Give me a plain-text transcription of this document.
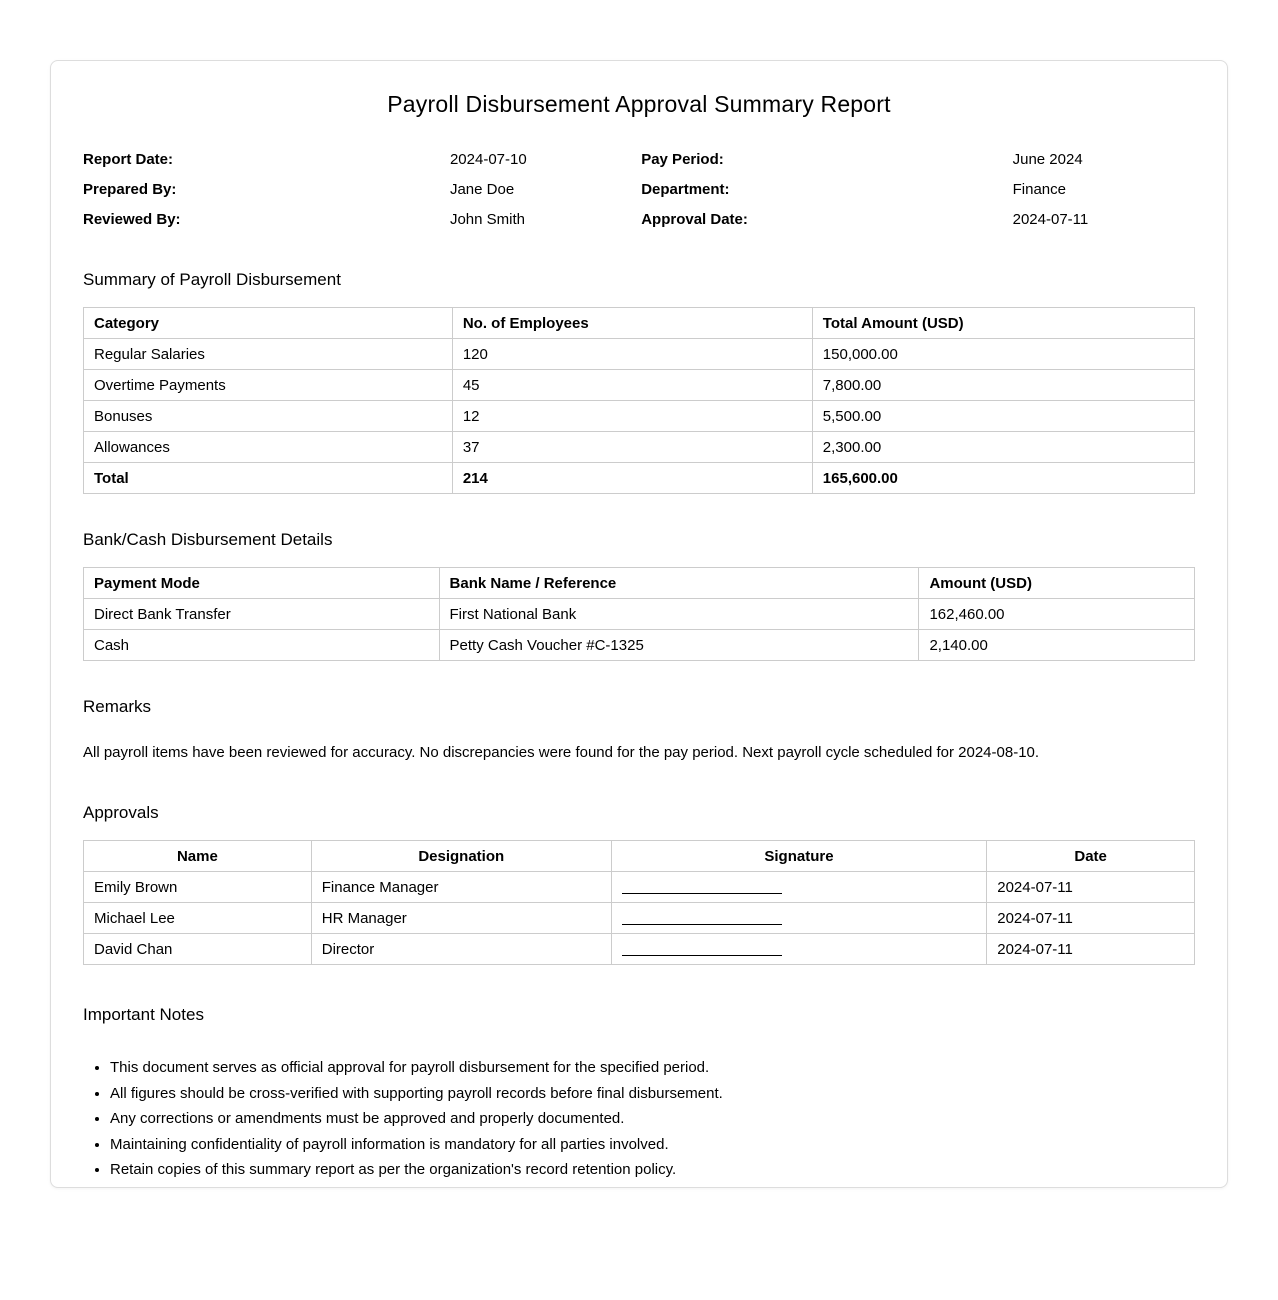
Payroll Disbursement Approval Summary Report
Report Date:	2024-07-10	Pay Period:	June 2024
Prepared By:	Jane Doe	Department:	Finance
Reviewed By:	John Smith	Approval Date:	2024-07-11
Summary of Payroll Disbursement
Category	No. of Employees	Total Amount (USD)
Regular Salaries	120	150,000.00
Overtime Payments	45	7,800.00
Bonuses	12	5,500.00
Allowances	37	2,300.00
Total	214	165,600.00
Bank/Cash Disbursement Details
Payment Mode	Bank Name / Reference	Amount (USD)
Direct Bank Transfer	First National Bank	162,460.00
Cash	Petty Cash Voucher #C-1325	2,140.00
Remarks

All payroll items have been reviewed for accuracy. No discrepancies were found for the pay period. Next payroll cycle scheduled for 2024-08-10.

Approvals
Name	Designation	Signature	Date
Emily Brown	Finance Manager		2024-07-11
Michael Lee	HR Manager		2024-07-11
David Chan	Director		2024-07-11
Important Notes
• This document serves as official approval for payroll disbursement for the specified period.
• All figures should be cross-verified with supporting payroll records before final disbursement.
• Any corrections or amendments must be approved and properly documented.
• Maintaining confidentiality of payroll information is mandatory for all parties involved.
• Retain copies of this summary report as per the organization's record retention policy.
